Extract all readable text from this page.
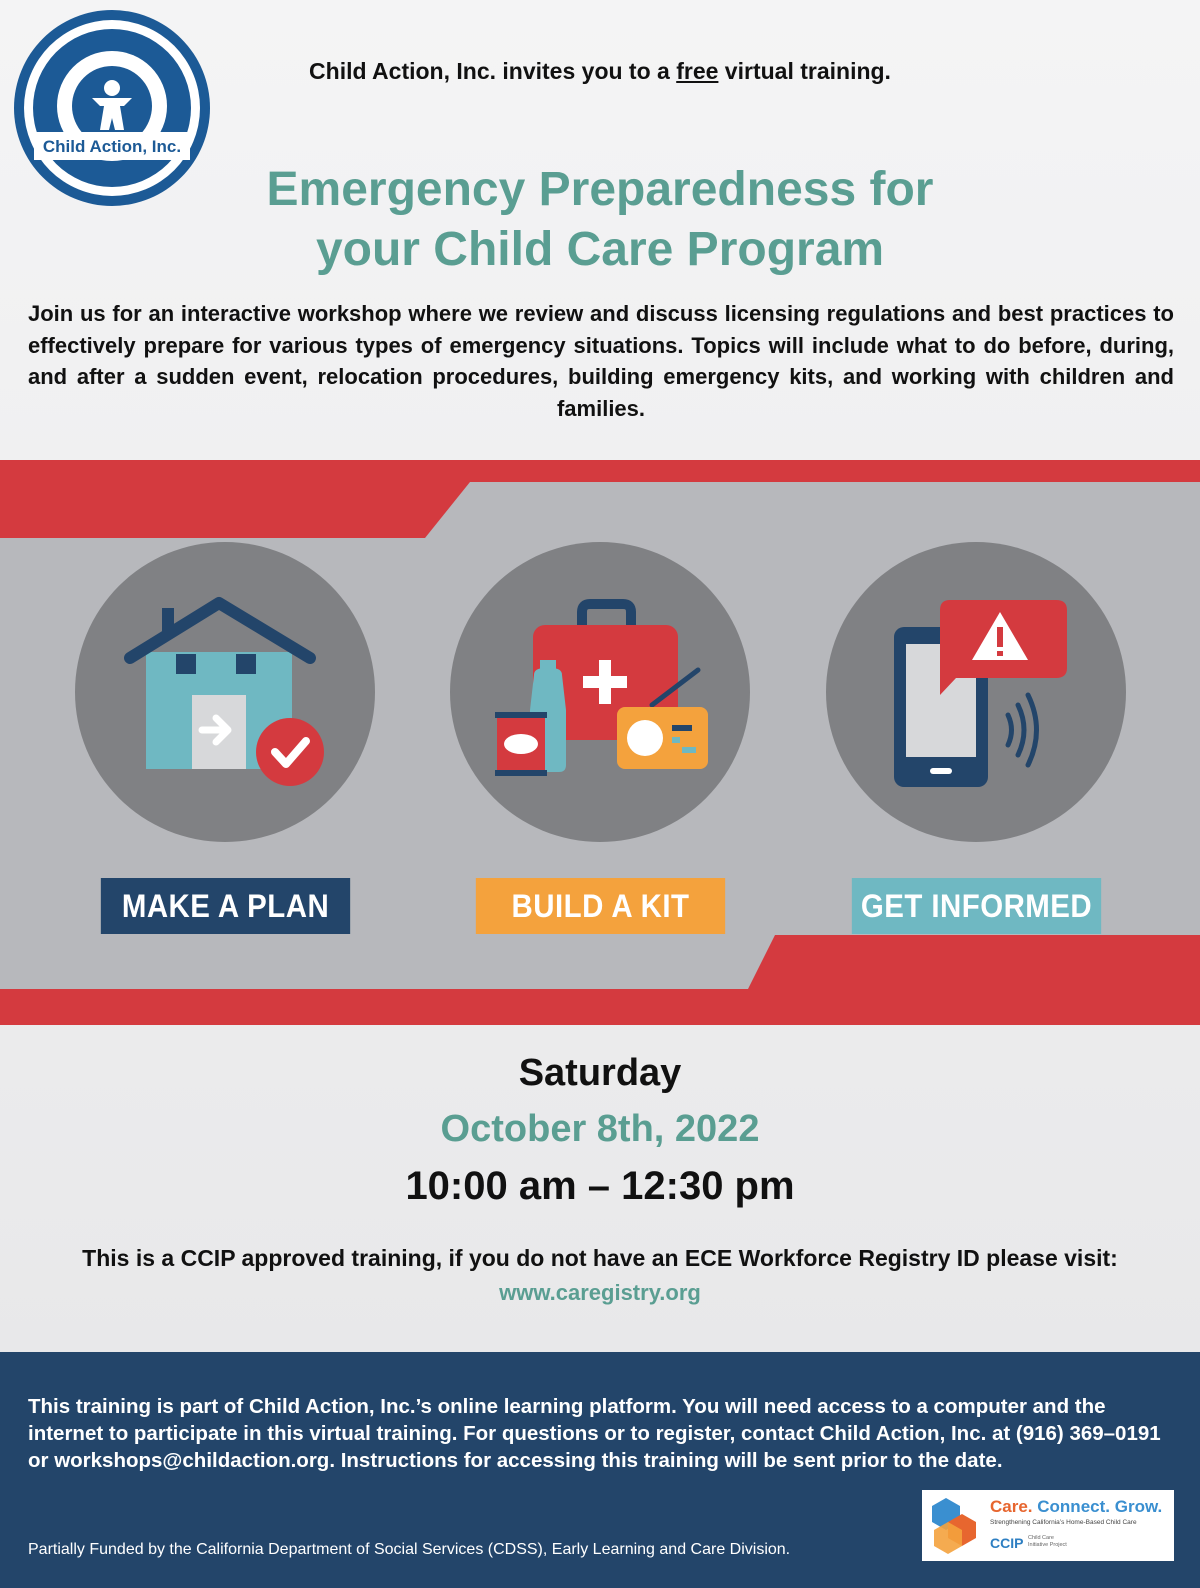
Child Action, Inc.
Child Action, Inc. invites you to a free virtual training.
Emergency Preparedness for
your Child Care Program
Join us for an interactive workshop where we review and discuss licensing regulations and best practices to effectively prepare for various types of emergency situations. Topics will include what to do before, during, and after a sudden event, relocation procedures, building emergency kits, and working with children and families.
MAKE A PLAN	BUILD A KIT	GET INFORMED
Saturday
October 8th, 2022
10:00 am – 12:30 pm
This is a CCIP approved training, if you do not have an ECE Workforce Registry ID please visit:
www.caregistry.org
This training is part of Child Action, Inc.’s online learning platform. You will need access to a computer and the internet to participate in this virtual training. For questions or to register, contact Child Action, Inc. at (916) 369–0191 or workshops@childaction.org. Instructions for accessing this training will be sent prior to the date.
Partially Funded by the California Department of Social Services (CDSS), Early Learning and Care Division.
Care. Connect. Grow.
Strengthening California’s Home-Based Child Care
CCIP Child Care Initiative Project
